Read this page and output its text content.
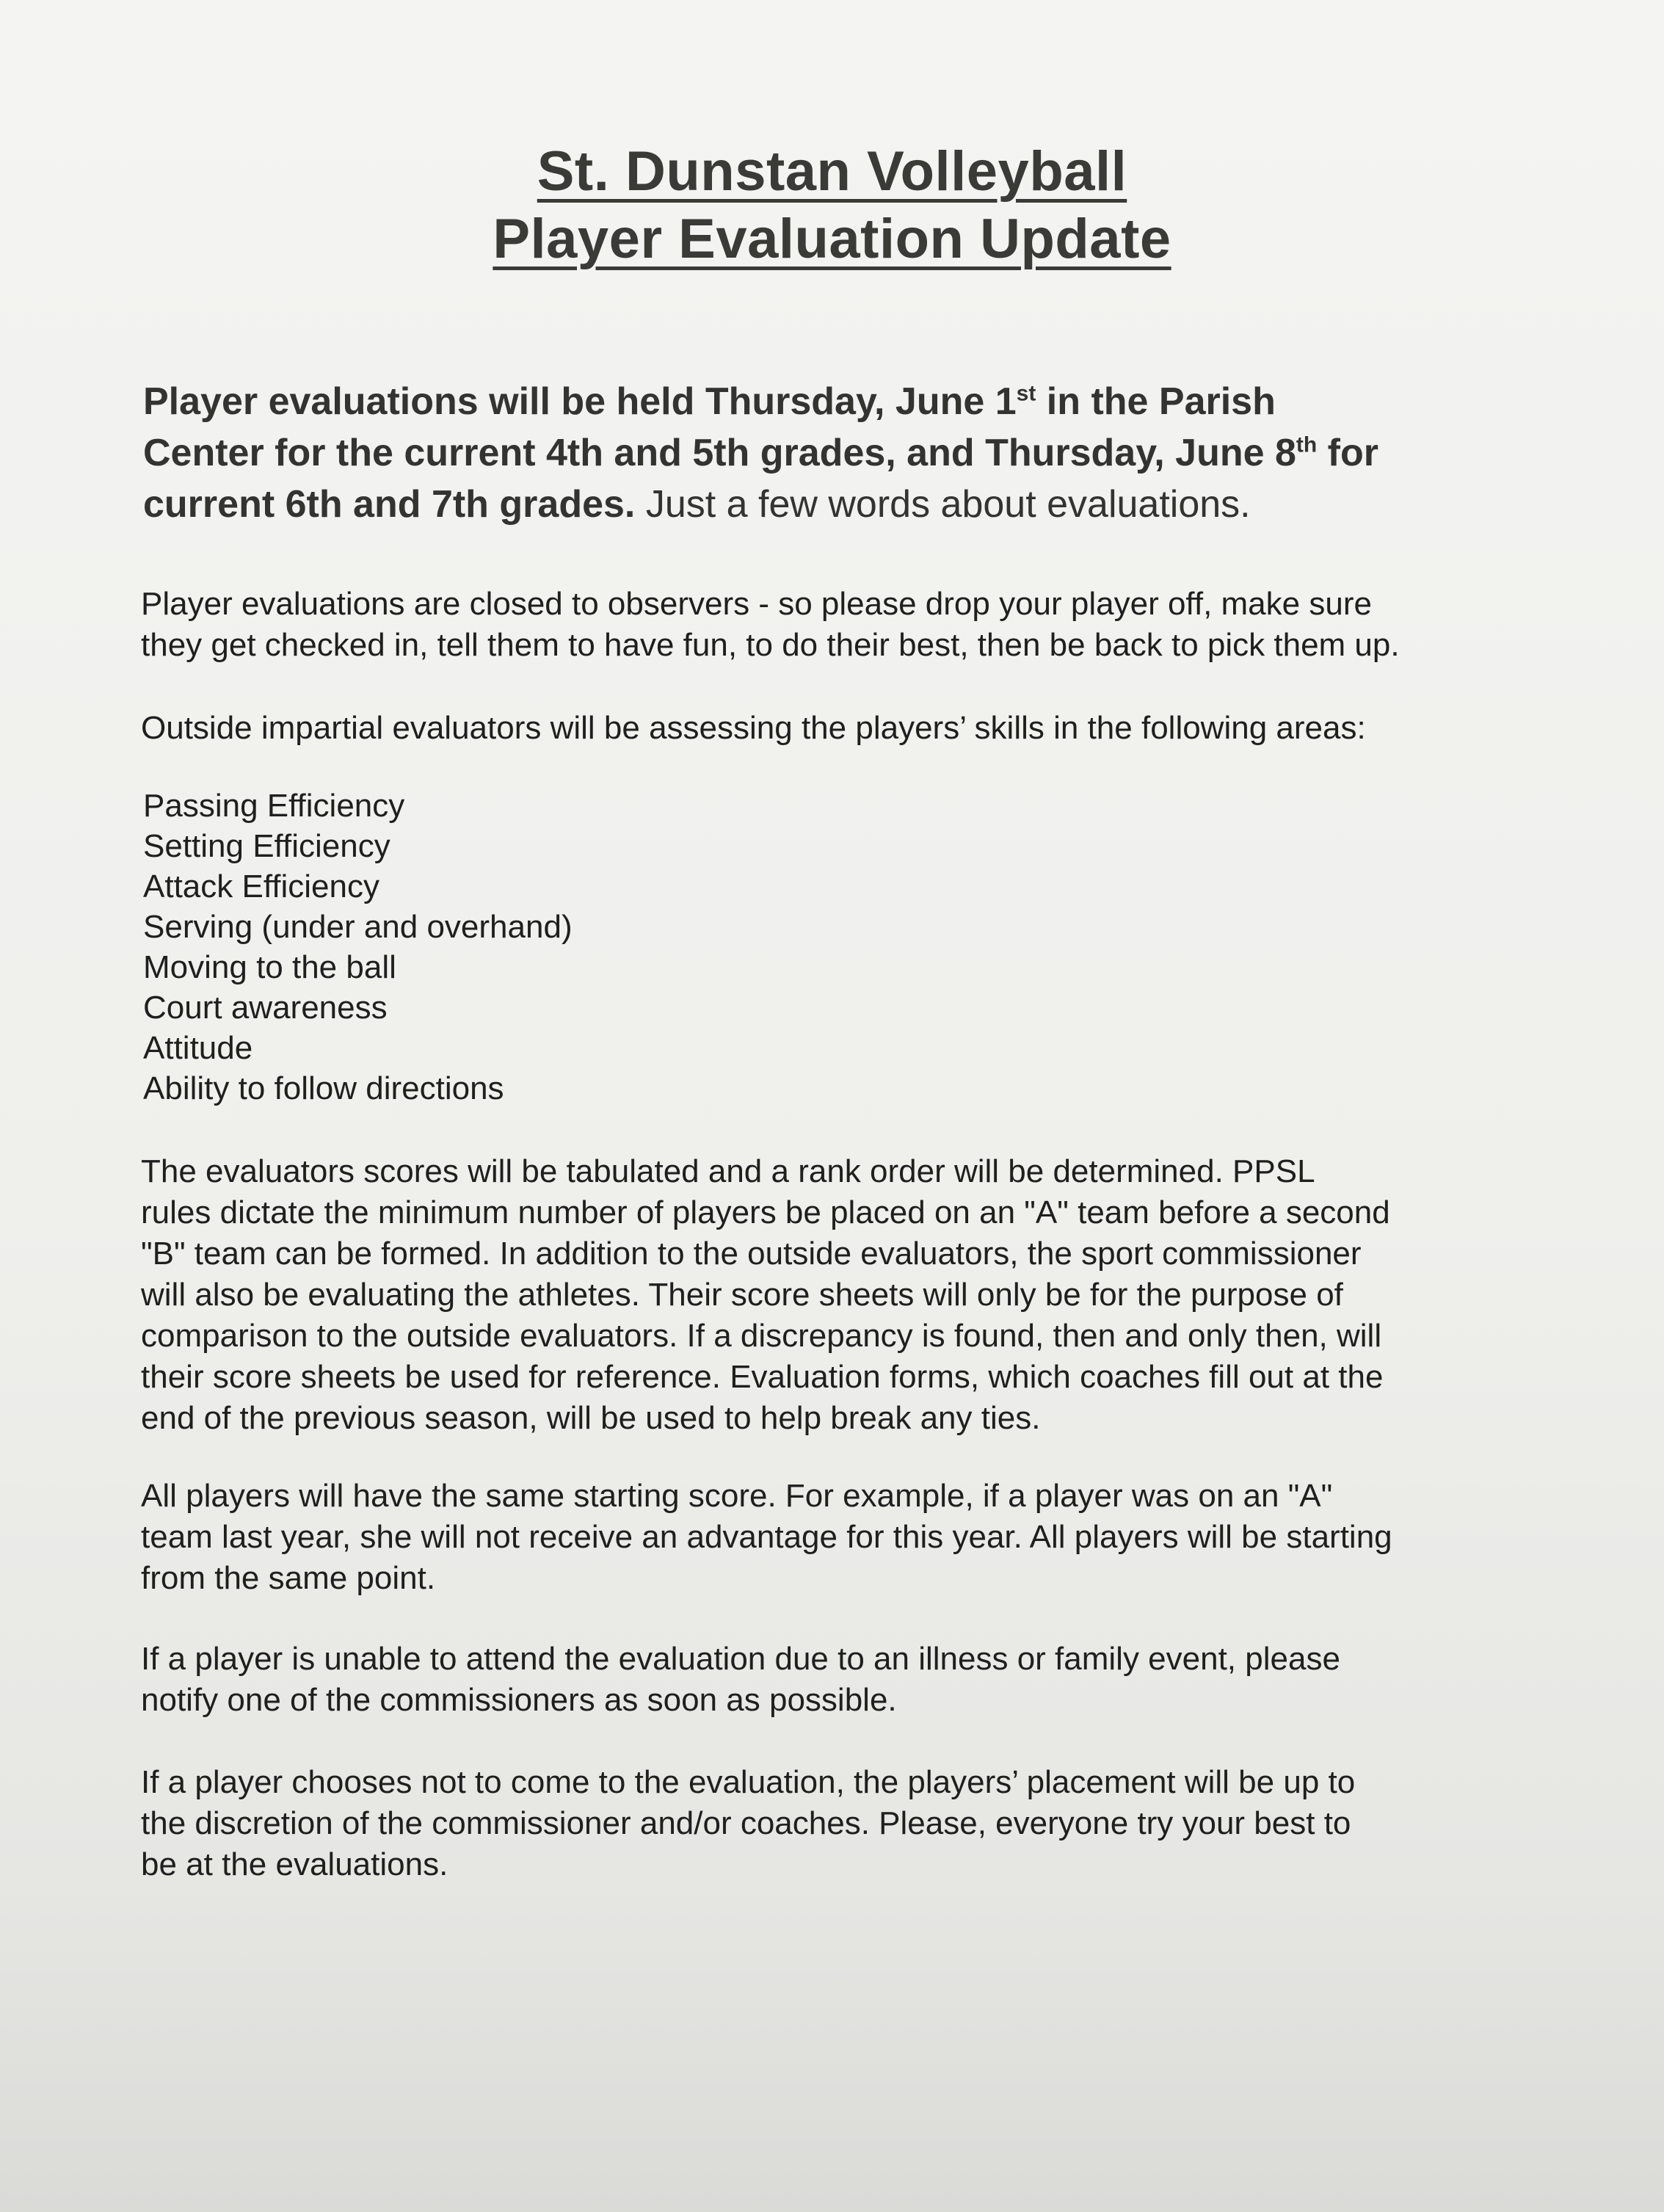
St. Dunstan Volleyball
Player Evaluation Update
Player evaluations will be held Thursday, June 1st in the Parish
Center for the current 4th and 5th grades, and Thursday, June 8th for
current 6th and 7th grades. Just a few words about evaluations.
Player evaluations are closed to observers - so please drop your player off, make sure
they get checked in, tell them to have fun, to do their best, then be back to pick them up.
Outside impartial evaluators will be assessing the players’ skills in the following areas:
Passing Efficiency
Setting Efficiency
Attack Efficiency
Serving (under and overhand)
Moving to the ball
Court awareness
Attitude
Ability to follow directions
The evaluators scores will be tabulated and a rank order will be determined. PPSL
rules dictate the minimum number of players be placed on an "A" team before a second
"B" team can be formed. In addition to the outside evaluators, the sport commissioner
will also be evaluating the athletes. Their score sheets will only be for the purpose of
comparison to the outside evaluators. If a discrepancy is found, then and only then, will
their score sheets be used for reference. Evaluation forms, which coaches fill out at the
end of the previous season, will be used to help break any ties.
All players will have the same starting score. For example, if a player was on an "A"
team last year, she will not receive an advantage for this year. All players will be starting
from the same point.
If a player is unable to attend the evaluation due to an illness or family event, please
notify one of the commissioners as soon as possible.
If a player chooses not to come to the evaluation, the players’ placement will be up to
the discretion of the commissioner and/or coaches. Please, everyone try your best to
be at the evaluations.
